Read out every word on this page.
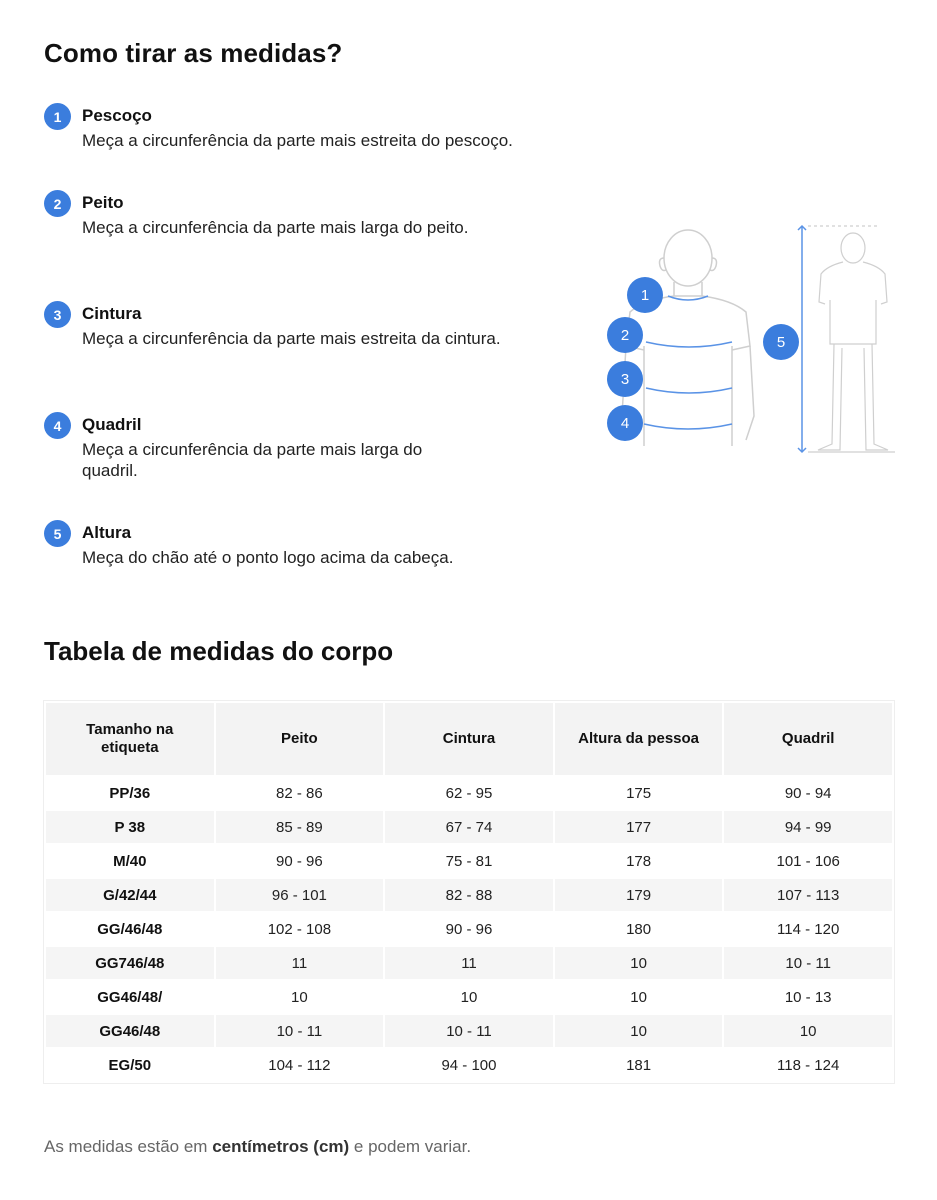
Como tirar as medidas?
1	Pescoço
Meça a circunferência da parte mais estreita do pescoço.
2	Peito
Meça a circunferência da parte mais larga do peito.
3	Cintura
Meça a circunferência da parte mais estreita da cintura.
4	Quadril
Meça a circunferência da parte mais larga do quadril.
5	Altura
Meça do chão até o ponto logo acima da cabeça.
1
2
3
4
5
Tabela de medidas do corpo
Tamanho na etiqueta	Peito	Cintura	Altura da pessoa	Quadril
PP/36	82 - 86	62 - 95	175	90 - 94
P 38	85 - 89	67 - 74	177	94 - 99
M/40	90 - 96	75 - 81	178	101 - 106
G/42/44	96 - 101	82 - 88	179	107 - 113
GG/46/48	102 - 108	90 - 96	180	114 - 120
GG746/48	11	11	10	10 - 11
GG46/48/	10	10	10	10 - 13
GG46/48	10 - 11	10 - 11	10	10
EG/50	104 - 112	94 - 100	181	118 - 124
As medidas estão em centímetros (cm) e podem variar.
